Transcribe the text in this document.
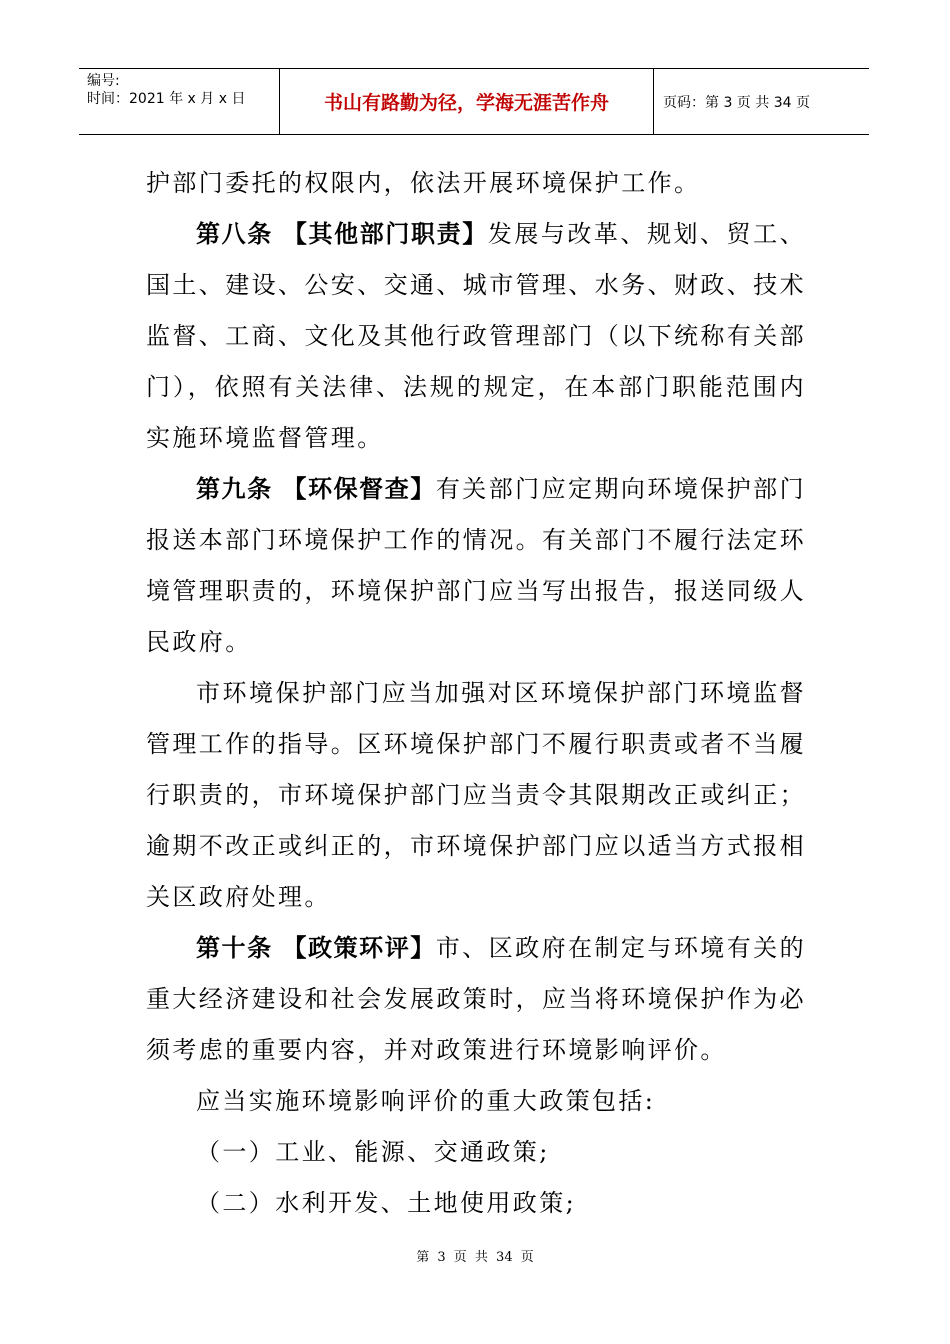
编号:
时间：2021 年 x 月 x 日	书山有路勤为径，学海无涯苦作舟	页码：第 3 页 共 34 页

护部门委托的权限内，依法开展环境保护工作。

第八条 【其他部门职责】发展与改革、规划、贸工、国土、建设、公安、交通、城市管理、水务、财政、技术监督、工商、文化及其他行政管理部门（以下统称有关部门），依照有关法律、法规的规定，在本部门职能范围内实施环境监督管理。

第九条 【环保督查】有关部门应定期向环境保护部门报送本部门环境保护工作的情况。有关部门不履行法定环境管理职责的，环境保护部门应当写出报告，报送同级人民政府。

市环境保护部门应当加强对区环境保护部门环境监督管理工作的指导。区环境保护部门不履行职责或者不当履行职责的，市环境保护部门应当责令其限期改正或纠正；逾期不改正或纠正的，市环境保护部门应以适当方式报相关区政府处理。

第十条 【政策环评】市、区政府在制定与环境有关的重大经济建设和社会发展政策时，应当将环境保护作为必须考虑的重要内容，并对政策进行环境影响评价。

应当实施环境影响评价的重大政策包括:

（一）工业、能源、交通政策;

（二）水利开发、土地使用政策;

第 3 页 共 34 页
